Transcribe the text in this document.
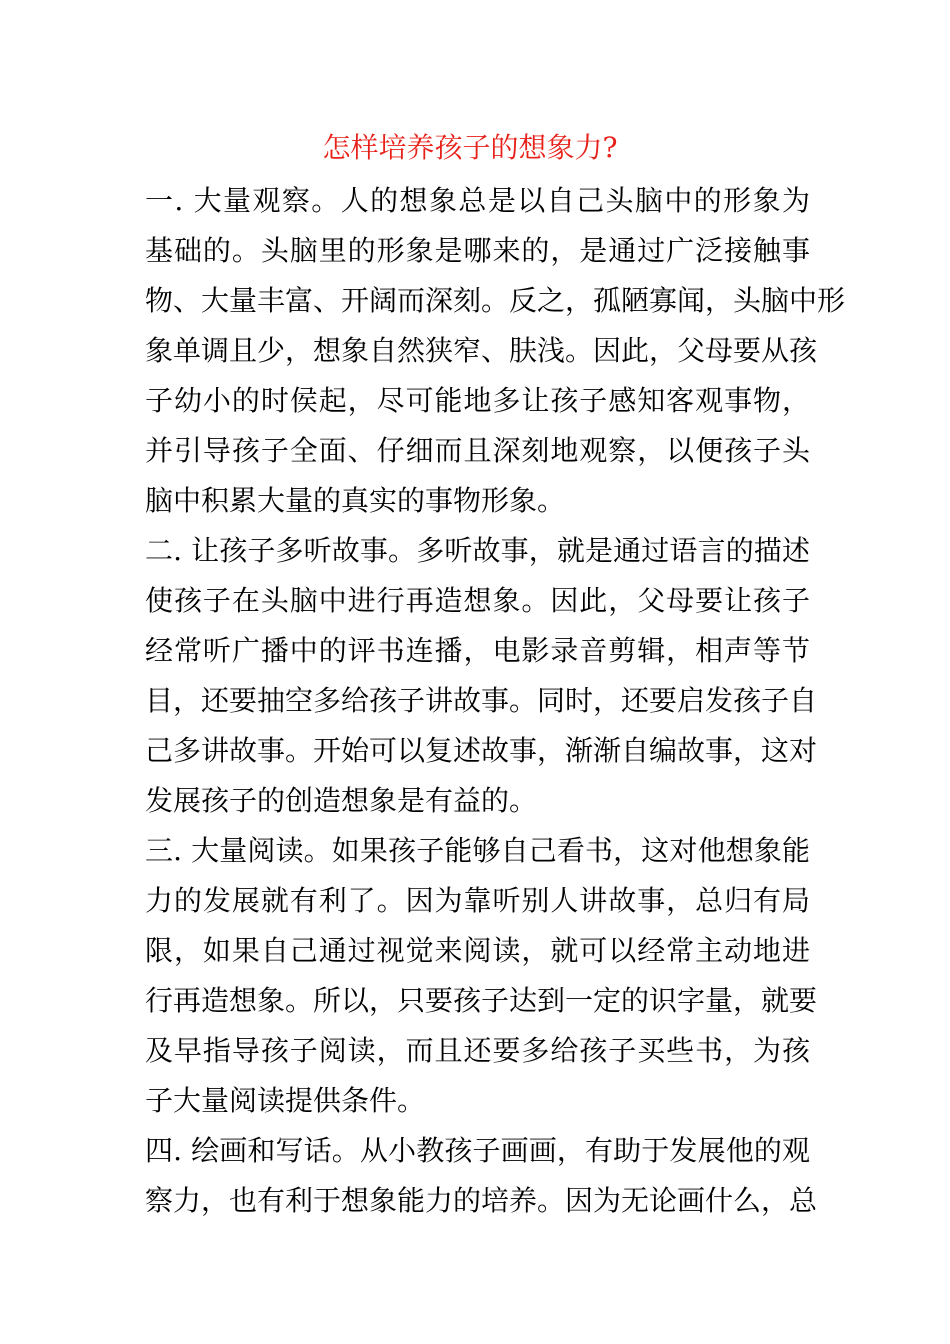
怎样培养孩子的想象力?
一. 大量观察。人的想象总是以自己头脑中的形象为
基础的。头脑里的形象是哪来的，是通过广泛接触事
物、大量丰富、开阔而深刻。反之，孤陋寡闻，头脑中形
象单调且少，想象自然狭窄、肤浅。因此，父母要从孩
子幼小的时侯起，尽可能地多让孩子感知客观事物，
并引导孩子全面、仔细而且深刻地观察，以便孩子头
脑中积累大量的真实的事物形象。
二. 让孩子多听故事。多听故事，就是通过语言的描述
使孩子在头脑中进行再造想象。因此，父母要让孩子
经常听广播中的评书连播，电影录音剪辑，相声等节
目，还要抽空多给孩子讲故事。同时，还要启发孩子自
己多讲故事。开始可以复述故事，渐渐自编故事，这对
发展孩子的创造想象是有益的。
三. 大量阅读。如果孩子能够自己看书，这对他想象能
力的发展就有利了。因为靠听别人讲故事，总归有局
限，如果自己通过视觉来阅读，就可以经常主动地进
行再造想象。所以，只要孩子达到一定的识字量，就要
及早指导孩子阅读，而且还要多给孩子买些书，为孩
子大量阅读提供条件。
四. 绘画和写话。从小教孩子画画，有助于发展他的观
察力，也有利于想象能力的培养。因为无论画什么，总
